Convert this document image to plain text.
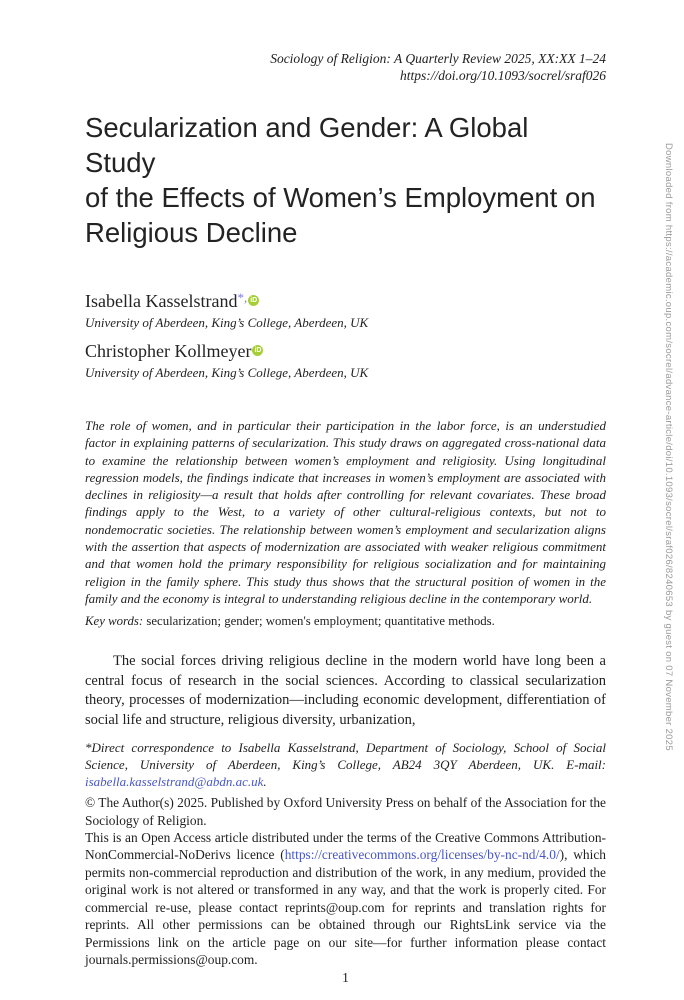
Downloaded from https://academic.oup.com/socrel/advance-article/doi/10.1093/socrel/sraf026/8240653 by guest on 07 November 2025
Sociology of Religion: A Quarterly Review 2025, XX:XX 1–24
https://doi.org/10.1093/socrel/sraf026
Secularization and Gender: A Global Study
of the Effects of Women’s Employment on
Religious Decline
Isabella Kasselstrand*, iD
University of Aberdeen, King’s College, Aberdeen, UK
Christopher Kollmeyer iD
University of Aberdeen, King’s College, Aberdeen, UK

The role of women, and in particular their participation in the labor force, is an understudied factor in explaining patterns of secularization. This study draws on aggregated cross-national data to examine the relationship between women’s employment and religiosity. Using longitudinal regression models, the findings indicate that increases in women’s employment are associated with declines in religiosity—a result that holds after controlling for relevant covariates. These broad findings apply to the West, to a variety of other cultural-religious contexts, but not to nondemocratic societies. The relationship between women’s employment and secularization aligns with the assertion that aspects of modernization are associated with weaker religious commitment and that women hold the primary responsibility for religious socialization and for maintaining religion in the family sphere. This study thus shows that the structural position of women in the family and the economy is integral to understanding religious decline in the contemporary world.

Key words: secularization; gender; women's employment; quantitative methods.

The social forces driving religious decline in the modern world have long been a central focus of research in the social sciences. According to classical secularization theory, processes of modernization—including economic development, differentiation of social life and structure, religious diversity, urbanization,

*Direct correspondence to Isabella Kasselstrand, Department of Sociology, School of Social Science, University of Aberdeen, King’s College, AB24 3QY Aberdeen, UK. E-mail: isabella.kasselstrand@abdn.ac.uk.

© The Author(s) 2025. Published by Oxford University Press on behalf of the Association for the Sociology of Religion.

This is an Open Access article distributed under the terms of the Creative Commons Attribution-NonCommercial-NoDerivs licence (https://creativecommons.org/licenses/by-nc-nd/4.0/), which permits non-commercial reproduction and distribution of the work, in any medium, provided the original work is not altered or transformed in any way, and that the work is properly cited. For commercial re-use, please contact reprints@oup.com for reprints and translation rights for reprints. All other permissions can be obtained through our RightsLink service via the Permissions link on the article page on our site—for further information please contact journals.permissions@oup.com.

1
